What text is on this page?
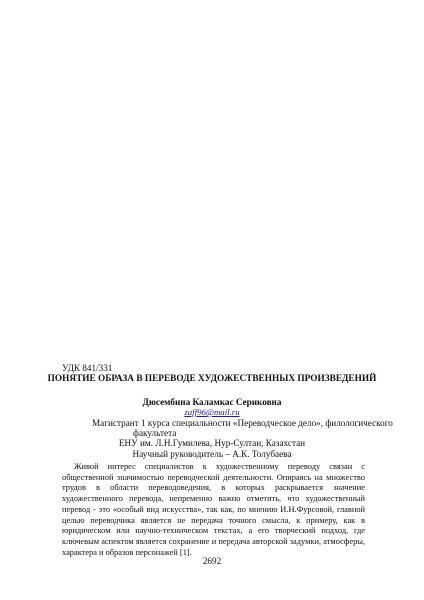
УДК 841/331
ПОНЯТИЕ ОБРАЗА В ПЕРЕВОДЕ ХУДОЖЕСТВЕННЫХ ПРОИЗВЕДЕНИЙ
Дюсембина Каламкас Сериковна
zaff96@mail.ru
Магистрант 1 курса специальности «Переводческое дело», филологического
факультета
ЕНУ им. Л.Н.Гумилева, Нур-Султан, Казахстан
Научный руководитель – А.К. Толубаева

Живой интерес специалистов к художественному переводу связан с общественной значимостью переводческой деятельности. Опираясь на множество трудов в области переводоведения, в которых раскрывается значение художественного перевода, непременно важно отметить, что художественный перевод - это «особый вид искусства», так как, по мнению И.Н.Фурсовой, главной целью переводчика является не передача точного смысла, к примеру, как в юридическом или научно-техническом текстах, а его творческий подход, где ключевым аспектом является сохранение и передача авторской задумки, атмосферы, характера и образов персонажей [1].

2692
